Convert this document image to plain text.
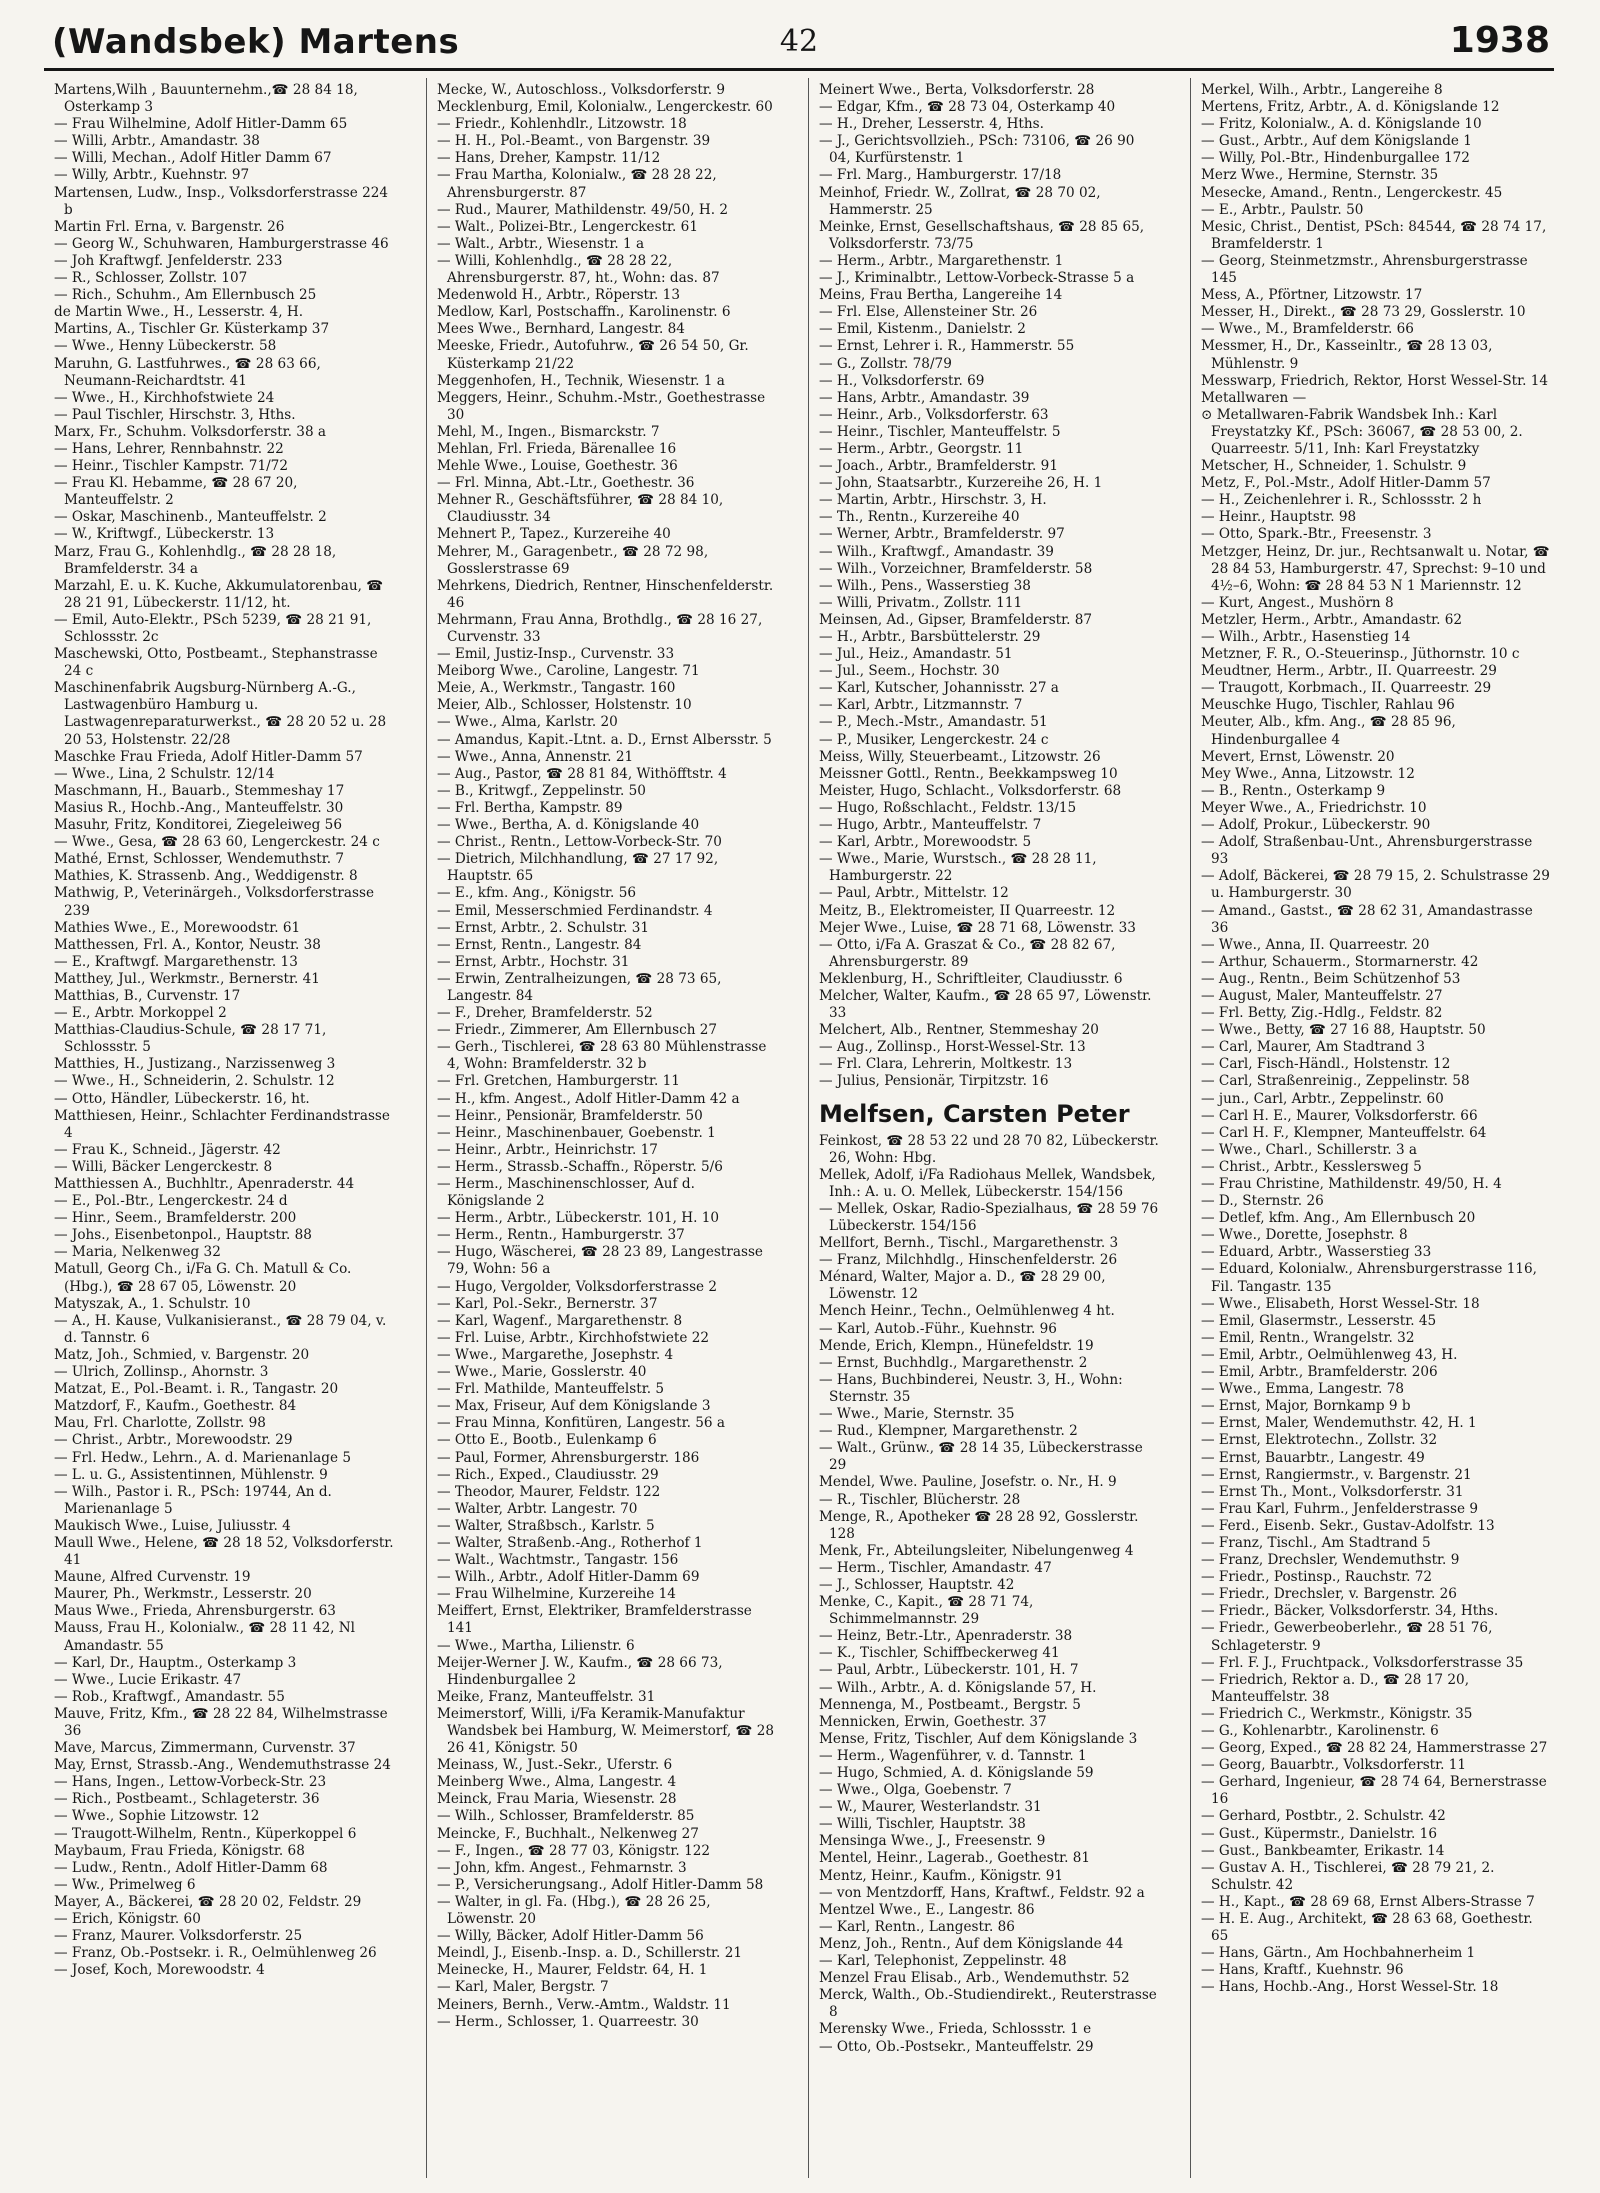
(Wandsbek) Martens	42	1938

Martens,Wilh , Bauunternehm.,☎ 28 84 18, Osterkamp 3

— Frau Wilhelmine, Adolf Hitler-Damm 65

— Willi, Arbtr., Amandastr. 38

— Willi, Mechan., Adolf Hitler Damm 67

— Willy, Arbtr., Kuehnstr. 97

Martensen, Ludw., Insp., Volksdorferstrasse 224 b

Martin Frl. Erna, v. Bargenstr. 26

— Georg W., Schuhwaren, Hamburgerstrasse 46

— Joh Kraftwgf. Jenfelderstr. 233

— R., Schlosser, Zollstr. 107

— Rich., Schuhm., Am Ellernbusch 25

de Martin Wwe., H., Lesserstr. 4, H.

Martins, A., Tischler Gr. Küsterkamp 37

— Wwe., Henny Lübeckerstr. 58

Maruhn, G. Lastfuhrwes., ☎ 28 63 66, Neumann-Reichardtstr. 41

— Wwe., H., Kirchhofstwiete 24

— Paul Tischler, Hirschstr. 3, Hths.

Marx, Fr., Schuhm. Volksdorferstr. 38 a

— Hans, Lehrer, Rennbahnstr. 22

— Heinr., Tischler Kampstr. 71/72

— Frau Kl. Hebamme, ☎ 28 67 20, Manteuffelstr. 2

— Oskar, Maschinenb., Manteuffelstr. 2

— W., Kriftwgf., Lübeckerstr. 13

Marz, Frau G., Kohlenhdlg., ☎ 28 28 18, Bramfelderstr. 34 a

Marzahl, E. u. K. Kuche, Akkumulatorenbau, ☎ 28 21 91, Lübeckerstr. 11/12, ht.

— Emil, Auto-Elektr., PSch 5239, ☎ 28 21 91, Schlossstr. 2c

Maschewski, Otto, Postbeamt., Stephanstrasse 24 c

Maschinenfabrik Augsburg-Nürnberg A.-G., Lastwagenbüro Hamburg u. Lastwagenreparaturwerkst., ☎ 28 20 52 u. 28 20 53, Holstenstr. 22/28

Maschke Frau Frieda, Adolf Hitler-Damm 57

— Wwe., Lina, 2 Schulstr. 12/14

Maschmann, H., Bauarb., Stemmeshay 17

Masius R., Hochb.-Ang., Manteuffelstr. 30

Masuhr, Fritz, Konditorei, Ziegeleiweg 56

— Wwe., Gesa, ☎ 28 63 60, Lengerckestr. 24 c

Mathé, Ernst, Schlosser, Wendemuthstr. 7

Mathies, K. Strassenb. Ang., Weddigenstr. 8

Mathwig, P., Veterinärgeh., Volksdorferstrasse 239

Mathies Wwe., E., Morewoodstr. 61

Matthessen, Frl. A., Kontor, Neustr. 38

— E., Kraftwgf. Margarethenstr. 13

Matthey, Jul., Werkmstr., Bernerstr. 41

Matthias, B., Curvenstr. 17

— E., Arbtr. Morkoppel 2

Matthias-Claudius-Schule, ☎ 28 17 71, Schlossstr. 5

Matthies, H., Justizang., Narzissenweg 3

— Wwe., H., Schneiderin, 2. Schulstr. 12

— Otto, Händler, Lübeckerstr. 16, ht.

Matthiesen, Heinr., Schlachter Ferdinandstrasse 4

— Frau K., Schneid., Jägerstr. 42

— Willi, Bäcker Lengerckestr. 8

Matthiessen A., Buchhltr., Apenraderstr. 44

— E., Pol.-Btr., Lengerckestr. 24 d

— Hinr., Seem., Bramfelderstr. 200

— Johs., Eisenbetonpol., Hauptstr. 88

— Maria, Nelkenweg 32

Matull, Georg Ch., i/Fa G. Ch. Matull & Co. (Hbg.), ☎ 28 67 05, Löwenstr. 20

Matyszak, A., 1. Schulstr. 10

— A., H. Kause, Vulkanisieranst., ☎ 28 79 04, v. d. Tannstr. 6

Matz, Joh., Schmied, v. Bargenstr. 20

— Ulrich, Zollinsp., Ahornstr. 3

Matzat, E., Pol.-Beamt. i. R., Tangastr. 20

Matzdorf, F., Kaufm., Goethestr. 84

Mau, Frl. Charlotte, Zollstr. 98

— Christ., Arbtr., Morewoodstr. 29

— Frl. Hedw., Lehrn., A. d. Marienanlage 5

— L. u. G., Assistentinnen, Mühlenstr. 9

— Wilh., Pastor i. R., PSch: 19744, An d. Marienanlage 5

Maukisch Wwe., Luise, Juliusstr. 4

Maull Wwe., Helene, ☎ 28 18 52, Volksdorferstr. 41

Maune, Alfred Curvenstr. 19

Maurer, Ph., Werkmstr., Lesserstr. 20

Maus Wwe., Frieda, Ahrensburgerstr. 63

Mauss, Frau H., Kolonialw., ☎ 28 11 42, Nl Amandastr. 55

— Karl, Dr., Hauptm., Osterkamp 3

— Wwe., Lucie Erikastr. 47

— Rob., Kraftwgf., Amandastr. 55

Mauve, Fritz, Kfm., ☎ 28 22 84, Wilhelmstrasse 36

Mave, Marcus, Zimmermann, Curvenstr. 37

May, Ernst, Strassb.-Ang., Wendemuthstrasse 24

— Hans, Ingen., Lettow-Vorbeck-Str. 23

— Rich., Postbeamt., Schlageterstr. 36

— Wwe., Sophie Litzowstr. 12

— Traugott-Wilhelm, Rentn., Küperkoppel 6

Maybaum, Frau Frieda, Königstr. 68

— Ludw., Rentn., Adolf Hitler-Damm 68

— Ww., Primelweg 6

Mayer, A., Bäckerei, ☎ 28 20 02, Feldstr. 29

— Erich, Königstr. 60

— Franz, Maurer. Volksdorferstr. 25

— Franz, Ob.-Postsekr. i. R., Oelmühlenweg 26

— Josef, Koch, Morewoodstr. 4

Mecke, W., Autoschloss., Volksdorferstr. 9

Mecklenburg, Emil, Kolonialw., Lengerckestr. 60

— Friedr., Kohlenhdlr., Litzowstr. 18

— H. H., Pol.-Beamt., von Bargenstr. 39

— Hans, Dreher, Kampstr. 11/12

— Frau Martha, Kolonialw., ☎ 28 28 22, Ahrensburgerstr. 87

— Rud., Maurer, Mathildenstr. 49/50, H. 2

— Walt., Polizei-Btr., Lengerckestr. 61

— Walt., Arbtr., Wiesenstr. 1 a

— Willi, Kohlenhdlg., ☎ 28 28 22, Ahrensburgerstr. 87, ht., Wohn: das. 87

Medenwold H., Arbtr., Röperstr. 13

Medlow, Karl, Postschaffn., Karolinenstr. 6

Mees Wwe., Bernhard, Langestr. 84

Meeske, Friedr., Autofuhrw., ☎ 26 54 50, Gr. Küsterkamp 21/22

Meggenhofen, H., Technik, Wiesenstr. 1 a

Meggers, Heinr., Schuhm.-Mstr., Goethestrasse 30

Mehl, M., Ingen., Bismarckstr. 7

Mehlan, Frl. Frieda, Bärenallee 16

Mehle Wwe., Louise, Goethestr. 36

— Frl. Minna, Abt.-Ltr., Goethestr. 36

Mehner R., Geschäftsführer, ☎ 28 84 10, Claudiusstr. 34

Mehnert P., Tapez., Kurzereihe 40

Mehrer, M., Garagenbetr., ☎ 28 72 98, Gosslerstrasse 69

Mehrkens, Diedrich, Rentner, Hinschenfelderstr. 46

Mehrmann, Frau Anna, Brothdlg., ☎ 28 16 27, Curvenstr. 33

— Emil, Justiz-Insp., Curvenstr. 33

Meiborg Wwe., Caroline, Langestr. 71

Meie, A., Werkmstr., Tangastr. 160

Meier, Alb., Schlosser, Holstenstr. 10

— Wwe., Alma, Karlstr. 20

— Amandus, Kapit.-Ltnt. a. D., Ernst Albersstr. 5

— Wwe., Anna, Annenstr. 21

— Aug., Pastor, ☎ 28 81 84, Withöfftstr. 4

— B., Kritwgf., Zeppelinstr. 50

— Frl. Bertha, Kampstr. 89

— Wwe., Bertha, A. d. Königslande 40

— Christ., Rentn., Lettow-Vorbeck-Str. 70

— Dietrich, Milchhandlung, ☎ 27 17 92, Hauptstr. 65

— E., kfm. Ang., Königstr. 56

— Emil, Messerschmied Ferdinandstr. 4

— Ernst, Arbtr., 2. Schulstr. 31

— Ernst, Rentn., Langestr. 84

— Ernst, Arbtr., Hochstr. 31

— Erwin, Zentralheizungen, ☎ 28 73 65, Langestr. 84

— F., Dreher, Bramfelderstr. 52

— Friedr., Zimmerer, Am Ellernbusch 27

— Gerh., Tischlerei, ☎ 28 63 80 Mühlenstrasse 4, Wohn: Bramfelderstr. 32 b

— Frl. Gretchen, Hamburgerstr. 11

— H., kfm. Angest., Adolf Hitler-Damm 42 a

— Heinr., Pensionär, Bramfelderstr. 50

— Heinr., Maschinenbauer, Goebenstr. 1

— Heinr., Arbtr., Heinrichstr. 17

— Herm., Strassb.-Schaffn., Röperstr. 5/6

— Herm., Maschinenschlosser, Auf d. Königslande 2

— Herm., Arbtr., Lübeckerstr. 101, H. 10

— Herm., Rentn., Hamburgerstr. 37

— Hugo, Wäscherei, ☎ 28 23 89, Langestrasse 79, Wohn: 56 a

— Hugo, Vergolder, Volksdorferstrasse 2

— Karl, Pol.-Sekr., Bernerstr. 37

— Karl, Wagenf., Margarethenstr. 8

— Frl. Luise, Arbtr., Kirchhofstwiete 22

— Wwe., Margarethe, Josephstr. 4

— Wwe., Marie, Gosslerstr. 40

— Frl. Mathilde, Manteuffelstr. 5

— Max, Friseur, Auf dem Königslande 3

— Frau Minna, Konfitüren, Langestr. 56 a

— Otto E., Bootb., Eulenkamp 6

— Paul, Former, Ahrensburgerstr. 186

— Rich., Exped., Claudiusstr. 29

— Theodor, Maurer, Feldstr. 122

— Walter, Arbtr. Langestr. 70

— Walter, Straßbsch., Karlstr. 5

— Walter, Straßenb.-Ang., Rotherhof 1

— Walt., Wachtmstr., Tangastr. 156

— Wilh., Arbtr., Adolf Hitler-Damm 69

— Frau Wilhelmine, Kurzereihe 14

Meiffert, Ernst, Elektriker, Bramfelderstrasse 141

— Wwe., Martha, Lilienstr. 6

Meijer-Werner J. W., Kaufm., ☎ 28 66 73, Hindenburgallee 2

Meike, Franz, Manteuffelstr. 31

Meimerstorf, Willi, i/Fa Keramik-Manufaktur Wandsbek bei Hamburg, W. Meimerstorf, ☎ 28 26 41, Königstr. 50

Meinass, W., Just.-Sekr., Uferstr. 6

Meinberg Wwe., Alma, Langestr. 4

Meinck, Frau Maria, Wiesenstr. 28

— Wilh., Schlosser, Bramfelderstr. 85

Meincke, F., Buchhalt., Nelkenweg 27

— F., Ingen., ☎ 28 77 03, Königstr. 122

— John, kfm. Angest., Fehmarnstr. 3

— P., Versicherungsang., Adolf Hitler-Damm 58

— Walter, in gl. Fa. (Hbg.), ☎ 28 26 25, Löwenstr. 20

— Willy, Bäcker, Adolf Hitler-Damm 56

Meindl, J., Eisenb.-Insp. a. D., Schillerstr. 21

Meinecke, H., Maurer, Feldstr. 64, H. 1

— Karl, Maler, Bergstr. 7

Meiners, Bernh., Verw.-Amtm., Waldstr. 11

— Herm., Schlosser, 1. Quarreestr. 30

Meinert Wwe., Berta, Volksdorferstr. 28

— Edgar, Kfm., ☎ 28 73 04, Osterkamp 40

— H., Dreher, Lesserstr. 4, Hths.

— J., Gerichtsvollzieh., PSch: 73106, ☎ 26 90 04, Kurfürstenstr. 1

— Frl. Marg., Hamburgerstr. 17/18

Meinhof, Friedr. W., Zollrat, ☎ 28 70 02, Hammerstr. 25

Meinke, Ernst, Gesellschaftshaus, ☎ 28 85 65, Volksdorferstr. 73/75

— Herm., Arbtr., Margarethenstr. 1

— J., Kriminalbtr., Lettow-Vorbeck-Strasse 5 a

Meins, Frau Bertha, Langereihe 14

— Frl. Else, Allensteiner Str. 26

— Emil, Kistenm., Danielstr. 2

— Ernst, Lehrer i. R., Hammerstr. 55

— G., Zollstr. 78/79

— H., Volksdorferstr. 69

— Hans, Arbtr., Amandastr. 39

— Heinr., Arb., Volksdorferstr. 63

— Heinr., Tischler, Manteuffelstr. 5

— Herm., Arbtr., Georgstr. 11

— Joach., Arbtr., Bramfelderstr. 91

— John, Staatsarbtr., Kurzereihe 26, H. 1

— Martin, Arbtr., Hirschstr. 3, H.

— Th., Rentn., Kurzereihe 40

— Werner, Arbtr., Bramfelderstr. 97

— Wilh., Kraftwgf., Amandastr. 39

— Wilh., Vorzeichner, Bramfelderstr. 58

— Wilh., Pens., Wasserstieg 38

— Willi, Privatm., Zollstr. 111

Meinsen, Ad., Gipser, Bramfelderstr. 87

— H., Arbtr., Barsbüttelerstr. 29

— Jul., Heiz., Amandastr. 51

— Jul., Seem., Hochstr. 30

— Karl, Kutscher, Johannisstr. 27 a

— Karl, Arbtr., Litzmannstr. 7

— P., Mech.-Mstr., Amandastr. 51

— P., Musiker, Lengerckestr. 24 c

Meiss, Willy, Steuerbeamt., Litzowstr. 26

Meissner Gottl., Rentn., Beekkampsweg 10

Meister, Hugo, Schlacht., Volksdorferstr. 68

— Hugo, Roßschlacht., Feldstr. 13/15

— Hugo, Arbtr., Manteuffelstr. 7

— Karl, Arbtr., Morewoodstr. 5

— Wwe., Marie, Wurstsch., ☎ 28 28 11, Hamburgerstr. 22

— Paul, Arbtr., Mittelstr. 12

Meitz, B., Elektromeister, II Quarreestr. 12

Mejer Wwe., Luise, ☎ 28 71 68, Löwenstr. 33

— Otto, i/Fa A. Graszat & Co., ☎ 28 82 67, Ahrensburgerstr. 89

Meklenburg, H., Schriftleiter, Claudiusstr. 6

Melcher, Walter, Kaufm., ☎ 28 65 97, Löwenstr. 33

Melchert, Alb., Rentner, Stemmeshay 20

— Aug., Zollinsp., Horst-Wessel-Str. 13

— Frl. Clara, Lehrerin, Moltkestr. 13

— Julius, Pensionär, Tirpitzstr. 16

Melfsen, Carsten Peter

Feinkost, ☎ 28 53 22 und 28 70 82, Lübeckerstr. 26, Wohn: Hbg.

Mellek, Adolf, i/Fa Radiohaus Mellek, Wandsbek, Inh.: A. u. O. Mellek, Lübeckerstr. 154/156

— Mellek, Oskar, Radio-Spezialhaus, ☎ 28 59 76 Lübeckerstr. 154/156

Mellfort, Bernh., Tischl., Margarethenstr. 3

— Franz, Milchhdlg., Hinschenfelderstr. 26

Ménard, Walter, Major a. D., ☎ 28 29 00, Löwenstr. 12

Mench Heinr., Techn., Oelmühlenweg 4 ht.

— Karl, Autob.-Führ., Kuehnstr. 96

Mende, Erich, Klempn., Hünefeldstr. 19

— Ernst, Buchhdlg., Margarethenstr. 2

— Hans, Buchbinderei, Neustr. 3, H., Wohn: Sternstr. 35

— Wwe., Marie, Sternstr. 35

— Rud., Klempner, Margarethenstr. 2

— Walt., Grünw., ☎ 28 14 35, Lübeckerstrasse 29

Mendel, Wwe. Pauline, Josefstr. o. Nr., H. 9

— R., Tischler, Blücherstr. 28

Menge, R., Apotheker ☎ 28 28 92, Gosslerstr. 128

Menk, Fr., Abteilungsleiter, Nibelungenweg 4

— Herm., Tischler, Amandastr. 47

— J., Schlosser, Hauptstr. 42

Menke, C., Kapit., ☎ 28 71 74, Schimmelmannstr. 29

— Heinz, Betr.-Ltr., Apenraderstr. 38

— K., Tischler, Schiffbeckerweg 41

— Paul, Arbtr., Lübeckerstr. 101, H. 7

— Wilh., Arbtr., A. d. Königslande 57, H.

Mennenga, M., Postbeamt., Bergstr. 5

Mennicken, Erwin, Goethestr. 37

Mense, Fritz, Tischler, Auf dem Königslande 3

— Herm., Wagenführer, v. d. Tannstr. 1

— Hugo, Schmied, A. d. Königslande 59

— Wwe., Olga, Goebenstr. 7

— W., Maurer, Westerlandstr. 31

— Willi, Tischler, Hauptstr. 38

Mensinga Wwe., J., Freesenstr. 9

Mentel, Heinr., Lagerab., Goethestr. 81

Mentz, Heinr., Kaufm., Königstr. 91

— von Mentzdorff, Hans, Kraftwf., Feldstr. 92 a

Mentzel Wwe., E., Langestr. 86

— Karl, Rentn., Langestr. 86

Menz, Joh., Rentn., Auf dem Königslande 44

— Karl, Telephonist, Zeppelinstr. 48

Menzel Frau Elisab., Arb., Wendemuthstr. 52

Merck, Walth., Ob.-Studiendirekt., Reuterstrasse 8

Merensky Wwe., Frieda, Schlossstr. 1 e

— Otto, Ob.-Postsekr., Manteuffelstr. 29

Merkel, Wilh., Arbtr., Langereihe 8

Mertens, Fritz, Arbtr., A. d. Königslande 12

— Fritz, Kolonialw., A. d. Königslande 10

— Gust., Arbtr., Auf dem Königslande 1

— Willy, Pol.-Btr., Hindenburgallee 172

Merz Wwe., Hermine, Sternstr. 35

Mesecke, Amand., Rentn., Lengerckestr. 45

— E., Arbtr., Paulstr. 50

Mesic, Christ., Dentist, PSch: 84544, ☎ 28 74 17, Bramfelderstr. 1

— Georg, Steinmetzmstr., Ahrensburgerstrasse 145

Mess, A., Pförtner, Litzowstr. 17

Messer, H., Direkt., ☎ 28 73 29, Gosslerstr. 10

— Wwe., M., Bramfelderstr. 66

Messmer, H., Dr., Kasseinltr., ☎ 28 13 03, Mühlenstr. 9

Messwarp, Friedrich, Rektor, Horst Wessel-Str. 14

Metallwaren —

⊙ Metallwaren-Fabrik Wandsbek Inh.: Karl Freystatzky Kf., PSch: 36067, ☎ 28 53 00, 2. Quarreestr. 5/11, Inh: Karl Freystatzky

Metscher, H., Schneider, 1. Schulstr. 9

Metz, F., Pol.-Mstr., Adolf Hitler-Damm 57

— H., Zeichenlehrer i. R., Schlossstr. 2 h

— Heinr., Hauptstr. 98

— Otto, Spark.-Btr., Freesenstr. 3

Metzger, Heinz, Dr. jur., Rechtsanwalt u. Notar, ☎ 28 84 53, Hamburgerstr. 47, Sprechst: 9–10 und 4½–6, Wohn: ☎ 28 84 53 N 1 Mariennstr. 12

— Kurt, Angest., Mushörn 8

Metzler, Herm., Arbtr., Amandastr. 62

— Wilh., Arbtr., Hasenstieg 14

Metzner, F. R., O.-Steuerinsp., Jüthornstr. 10 c

Meudtner, Herm., Arbtr., II. Quarreestr. 29

— Traugott, Korbmach., II. Quarreestr. 29

Meuschke Hugo, Tischler, Rahlau 96

Meuter, Alb., kfm. Ang., ☎ 28 85 96, Hindenburgallee 4

Mevert, Ernst, Löwenstr. 20

Mey Wwe., Anna, Litzowstr. 12

— B., Rentn., Osterkamp 9

Meyer Wwe., A., Friedrichstr. 10

— Adolf, Prokur., Lübeckerstr. 90

— Adolf, Straßenbau-Unt., Ahrensburgerstrasse 93

— Adolf, Bäckerei, ☎ 28 79 15, 2. Schulstrasse 29 u. Hamburgerstr. 30

— Amand., Gastst., ☎ 28 62 31, Amandastrasse 36

— Wwe., Anna, II. Quarreestr. 20

— Arthur, Schauerm., Stormarnerstr. 42

— Aug., Rentn., Beim Schützenhof 53

— August, Maler, Manteuffelstr. 27

— Frl. Betty, Zig.-Hdlg., Feldstr. 82

— Wwe., Betty, ☎ 27 16 88, Hauptstr. 50

— Carl, Maurer, Am Stadtrand 3

— Carl, Fisch-Händl., Holstenstr. 12

— Carl, Straßenreinig., Zeppelinstr. 58

— jun., Carl, Arbtr., Zeppelinstr. 60

— Carl H. E., Maurer, Volksdorferstr. 66

— Carl H. F., Klempner, Manteuffelstr. 64

— Wwe., Charl., Schillerstr. 3 a

— Christ., Arbtr., Kesslersweg 5

— Frau Christine, Mathildenstr. 49/50, H. 4

— D., Sternstr. 26

— Detlef, kfm. Ang., Am Ellernbusch 20

— Wwe., Dorette, Josephstr. 8

— Eduard, Arbtr., Wasserstieg 33

— Eduard, Kolonialw., Ahrensburgerstrasse 116, Fil. Tangastr. 135

— Wwe., Elisabeth, Horst Wessel-Str. 18

— Emil, Glasermstr., Lesserstr. 45

— Emil, Rentn., Wrangelstr. 32

— Emil, Arbtr., Oelmühlenweg 43, H.

— Emil, Arbtr., Bramfelderstr. 206

— Wwe., Emma, Langestr. 78

— Ernst, Major, Bornkamp 9 b

— Ernst, Maler, Wendemuthstr. 42, H. 1

— Ernst, Elektrotechn., Zollstr. 32

— Ernst, Bauarbtr., Langestr. 49

— Ernst, Rangiermstr., v. Bargenstr. 21

— Ernst Th., Mont., Volksdorferstr. 31

— Frau Karl, Fuhrm., Jenfelderstrasse 9

— Ferd., Eisenb. Sekr., Gustav-Adolfstr. 13

— Franz, Tischl., Am Stadtrand 5

— Franz, Drechsler, Wendemuthstr. 9

— Friedr., Postinsp., Rauchstr. 72

— Friedr., Drechsler, v. Bargenstr. 26

— Friedr., Bäcker, Volksdorferstr. 34, Hths.

— Friedr., Gewerbeoberlehr., ☎ 28 51 76, Schlageterstr. 9

— Frl. F. J., Fruchtpack., Volksdorferstrasse 35

— Friedrich, Rektor a. D., ☎ 28 17 20, Manteuffelstr. 38

— Friedrich C., Werkmstr., Königstr. 35

— G., Kohlenarbtr., Karolinenstr. 6

— Georg, Exped., ☎ 28 82 24, Hammerstrasse 27

— Georg, Bauarbtr., Volksdorferstr. 11

— Gerhard, Ingenieur, ☎ 28 74 64, Bernerstrasse 16

— Gerhard, Postbtr., 2. Schulstr. 42

— Gust., Küpermstr., Danielstr. 16

— Gust., Bankbeamter, Erikastr. 14

— Gustav A. H., Tischlerei, ☎ 28 79 21, 2. Schulstr. 42

— H., Kapt., ☎ 28 69 68, Ernst Albers-Strasse 7

— H. E. Aug., Architekt, ☎ 28 63 68, Goethestr. 65

— Hans, Gärtn., Am Hochbahnerheim 1

— Hans, Kraftf., Kuehnstr. 96

— Hans, Hochb.-Ang., Horst Wessel-Str. 18
